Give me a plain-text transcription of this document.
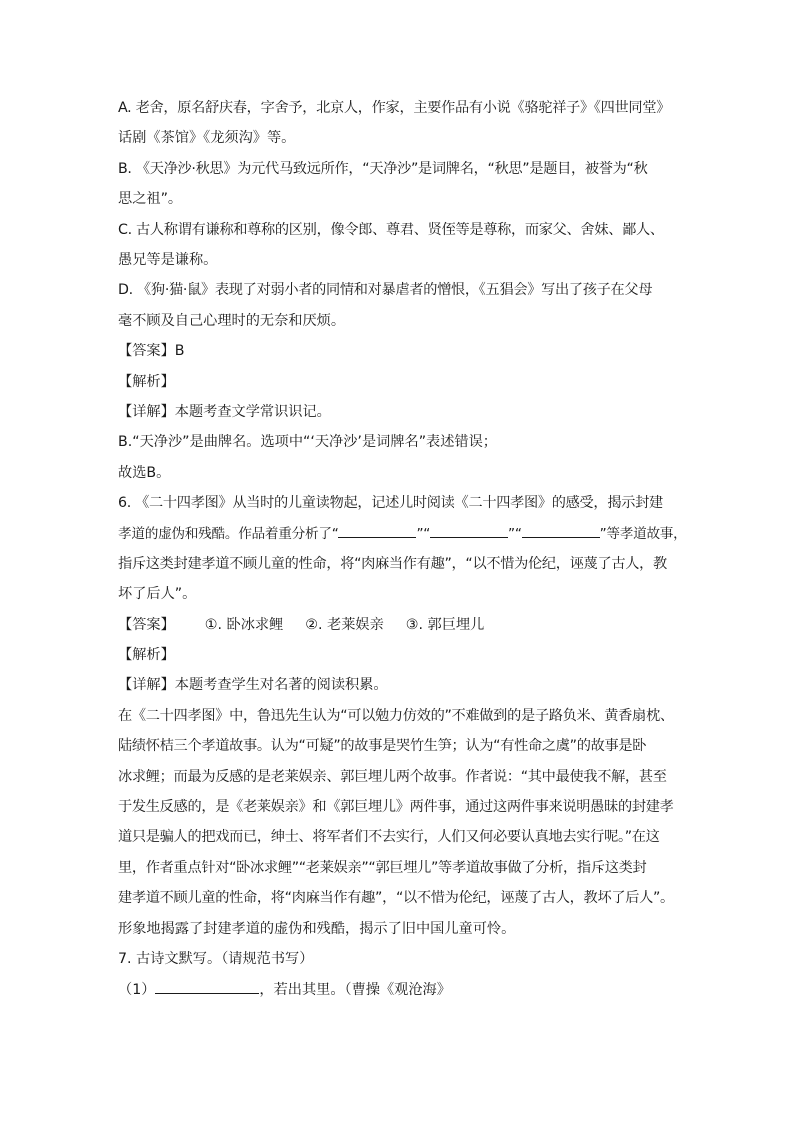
A. 老舍，原名舒庆春，字舍予，北京人，作家，主要作品有小说《骆驼祥子》《四世同堂》
话剧《茶馆》《龙须沟》等。
B. 《天净沙·秋思》为元代马致远所作，“天净沙”是词牌名，“秋思”是题目，被誉为“秋
思之祖”。
C. 古人称谓有谦称和尊称的区别，像令郎、尊君、贤侄等是尊称，而家父、舍妹、鄙人、
愚兄等是谦称。
D. 《狗·猫·鼠》表现了对弱小者的同情和对暴虐者的憎恨，《五猖会》写出了孩子在父母
毫不顾及自己心理时的无奈和厌烦。
【答案】B
【解析】
【详解】本题考查文学常识识记。
B.“天净沙”是曲牌名。选项中“‘天净沙’是词牌名”表述错误；
故选B。
6. 《二十四孝图》从当时的儿童读物起，记述儿时阅读《二十四孝图》的感受，揭示封建
孝道的虚伪和残酷。作品着重分析了“	”“	”“	”等孝道故事，
指斥这类封建孝道不顾儿童的性命，将“肉麻当作有趣”，“以不惜为伦纪，诬蔑了古人，教
坏了后人”。
【答案】 ①. 卧冰求鲤 ②. 老莱娱亲 ③. 郭巨埋儿
【解析】
【详解】本题考查学生对名著的阅读积累。
在《二十四孝图》中，鲁迅先生认为“可以勉力仿效的”不难做到的是子路负米、黄香扇枕、
陆绩怀桔三个孝道故事。认为“可疑”的故事是哭竹生笋；认为“有性命之虞”的故事是卧
冰求鲤；而最为反感的是老莱娱亲、郭巨埋儿两个故事。作者说：“其中最使我不解，甚至
于发生反感的，是《老莱娱亲》和《郭巨埋儿》两件事，通过这两件事来说明愚昧的封建孝
道只是骗人的把戏而已，绅士、将军者们不去实行，人们又何必要认真地去实行呢。”在这
里，作者重点针对“卧冰求鲤”“老莱娱亲”“郭巨埋儿”等孝道故事做了分析，指斥这类封
建孝道不顾儿童的性命，将“肉麻当作有趣”，“以不惜为伦纪，诬蔑了古人，教坏了后人”。
形象地揭露了封建孝道的虚伪和残酷，揭示了旧中国儿童可怜。
7. 古诗文默写。（请规范书写）
（1）	，若出其里。（曹操《观沧海》
